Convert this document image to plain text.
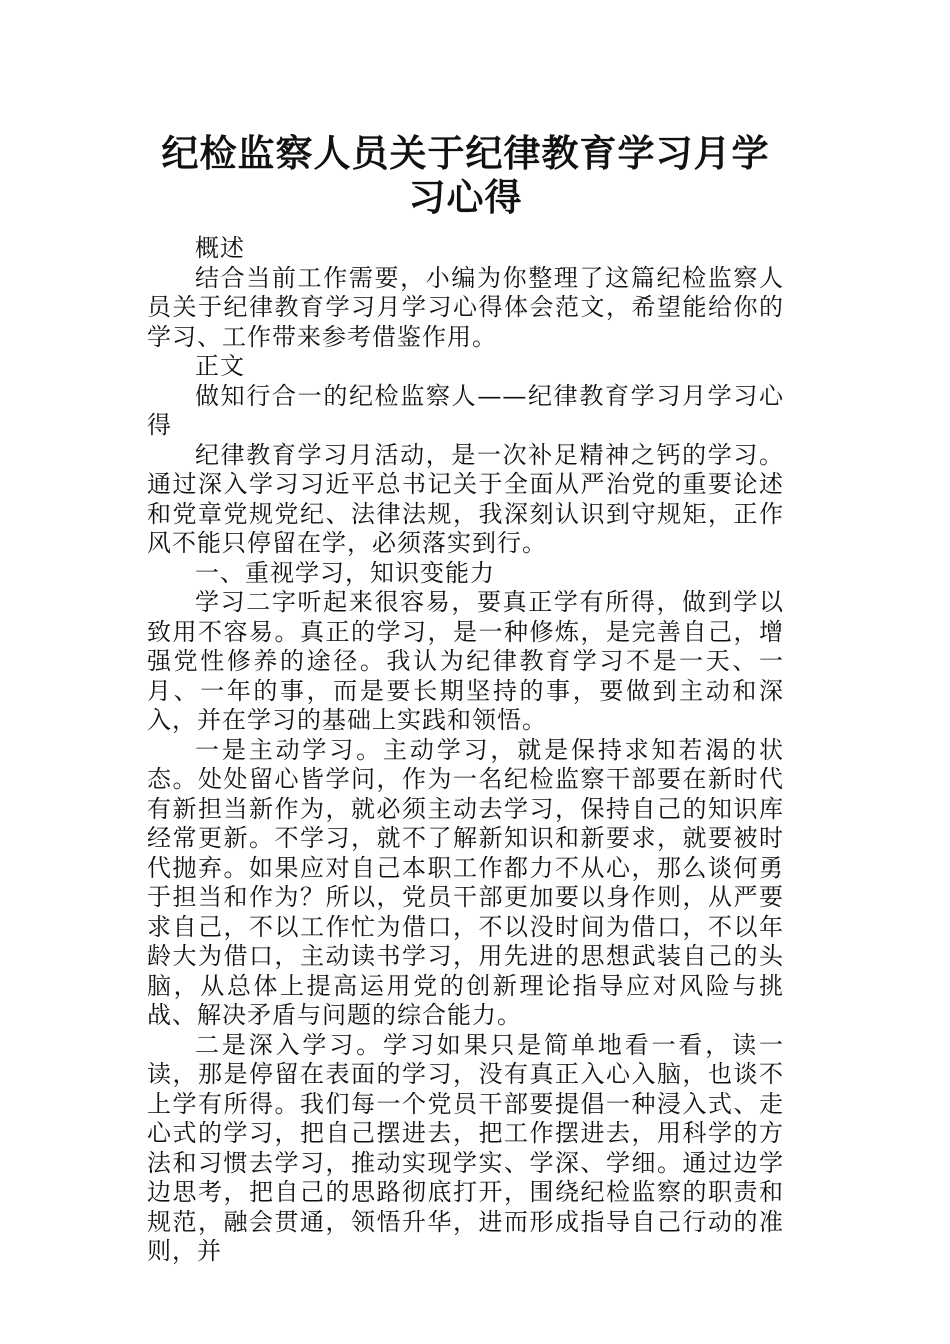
纪检监察人员关于纪律教育学习月学习心得

概述

结合当前工作需要，小编为你整理了这篇纪检监察人员关于纪律教育学习月学习心得体会范文，希望能给你的学习、工作带来参考借鉴作用。

正文

做知行合一的纪检监察人——纪律教育学习月学习心得

纪律教育学习月活动，是一次补足精神之钙的学习。通过深入学习习近平总书记关于全面从严治党的重要论述和党章党规党纪、法律法规，我深刻认识到守规矩，正作风不能只停留在学，必须落实到行。

一、重视学习，知识变能力

学习二字听起来很容易，要真正学有所得，做到学以致用不容易。真正的学习，是一种修炼，是完善自己，增强党性修养的途径。我认为纪律教育学习不是一天、一月、一年的事，而是要长期坚持的事，要做到主动和深入，并在学习的基础上实践和领悟。

一是主动学习。主动学习，就是保持求知若渴的状态。处处留心皆学问，作为一名纪检监察干部要在新时代有新担当新作为，就必须主动去学习，保持自己的知识库经常更新。不学习，就不了解新知识和新要求，就要被时代抛弃。如果应对自己本职工作都力不从心，那么谈何勇于担当和作为？所以，党员干部更加要以身作则，从严要求自己，不以工作忙为借口，不以没时间为借口，不以年龄大为借口，主动读书学习，用先进的思想武装自己的头脑，从总体上提高运用党的创新理论指导应对风险与挑战、解决矛盾与问题的综合能力。

二是深入学习。学习如果只是简单地看一看，读一读，那是停留在表面的学习，没有真正入心入脑，也谈不上学有所得。我们每一个党员干部要提倡一种浸入式、走心式的学习，把自己摆进去，把工作摆进去，用科学的方法和习惯去学习，推动实现学实、学深、学细。通过边学边思考，把自己的思路彻底打开，围绕纪检监察的职责和规范，融会贯通，领悟升华，进而形成指导自己行动的准则，并
